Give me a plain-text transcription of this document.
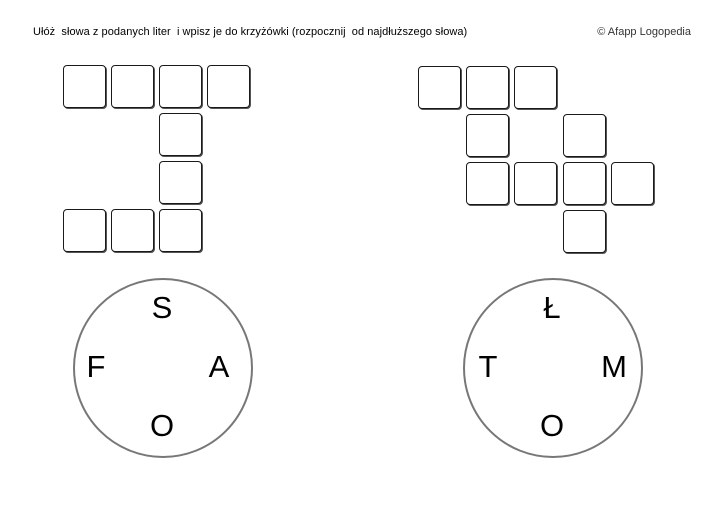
Ułóż  słowa z podanych liter  i wpisz je do krzyżówki (rozpocznij  od najdłuższego słowa)	© Afapp Logopedia
S
F	A
O
Ł
T	M
O
